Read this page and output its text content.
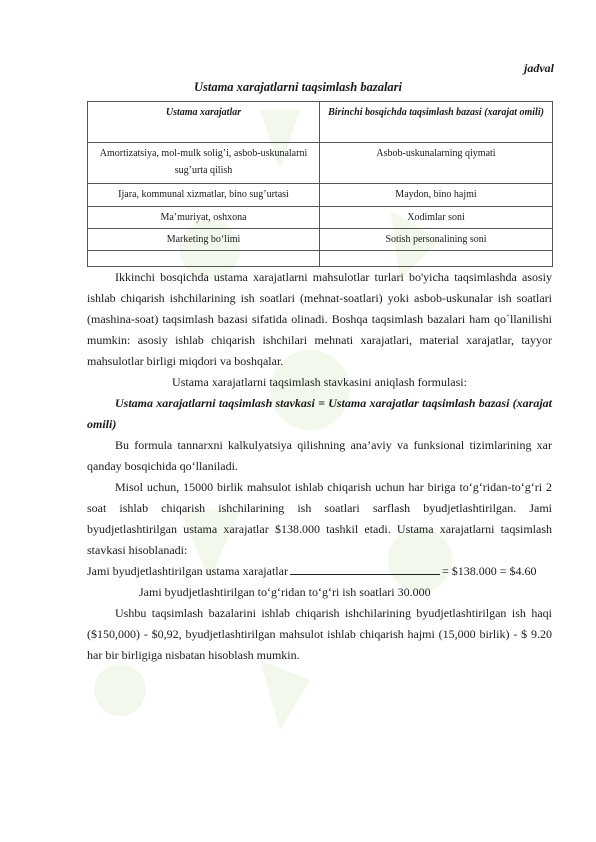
jadval
Ustama xarajatlarni taqsimlash bazalari
Ustama xarajatlar	Birinchi bosqichda taqsimlash bazasi (xarajat omili)
Amortizatsiya, mol-mulk solig’i, asbob-uskunalarni sug’urta qilish	Asbob-uskunalarning qiymati
Ijara, kommunal xizmatlar, bino sug’urtasi	Maydon, bino hajmi
Ma’muriyat, oshxona	Xodimlar soni
Marketing bo‘limi	Sotish personalining soni

Ikkinchi bosqichda ustama xarajatlarni mahsulotlar turlari bo'yicha taqsimlashda asosiy ishlab chiqarish ishchilarining ish soatlari (mehnat-soatlari) yoki asbob-uskunalar ish soatlari (mashina-soat) taqsimlash bazasi sifatida olinadi. Boshqa taqsimlash bazalari ham qo`llanilishi mumkin: asosiy ishlab chiqarish ishchilari mehnati xarajatlari, material xarajatlar, tayyor mahsulotlar birligi miqdori va boshqalar.

Ustama xarajatlarni taqsimlash stavkasini aniqlash formulasi:

Ustama xarajatlarni taqsimlash stavkasi = Ustama xarajatlar taqsimlash bazasi (xarajat omili)

Bu formula tannarxni kalkulyatsiya qilishning ana’aviy va funksional tizimlarining xar qanday bosqichida qo‘llaniladi.

Misol uchun, 15000 birlik mahsulot ishlab chiqarish uchun har biriga to‘g‘ridan-to‘g‘ri 2 soat ishlab chiqarish ishchilarining ish soatlari sarflash byudjetlashtirilgan. Jami byudjetlashtirilgan ustama xarajatlar $138.000 tashkil etadi. Ustama xarajatlarni taqsimlash stavkasi hisoblanadi:

Jami byudjetlashtirilgan ustama xarajatlar	= $138.000 = $4.60
Jami byudjetlashtirilgan to‘g‘ridan to‘g‘ri ish soatlari 30.000

Ushbu taqsimlash bazalarini ishlab chiqarish ishchilarining byudjetlashtirilgan ish haqi ($150,000) - $0,92, byudjetlashtirilgan mahsulot ishlab chiqarish hajmi (15,000 birlik) - $ 9.20 har bir birligiga nisbatan hisoblash mumkin.
